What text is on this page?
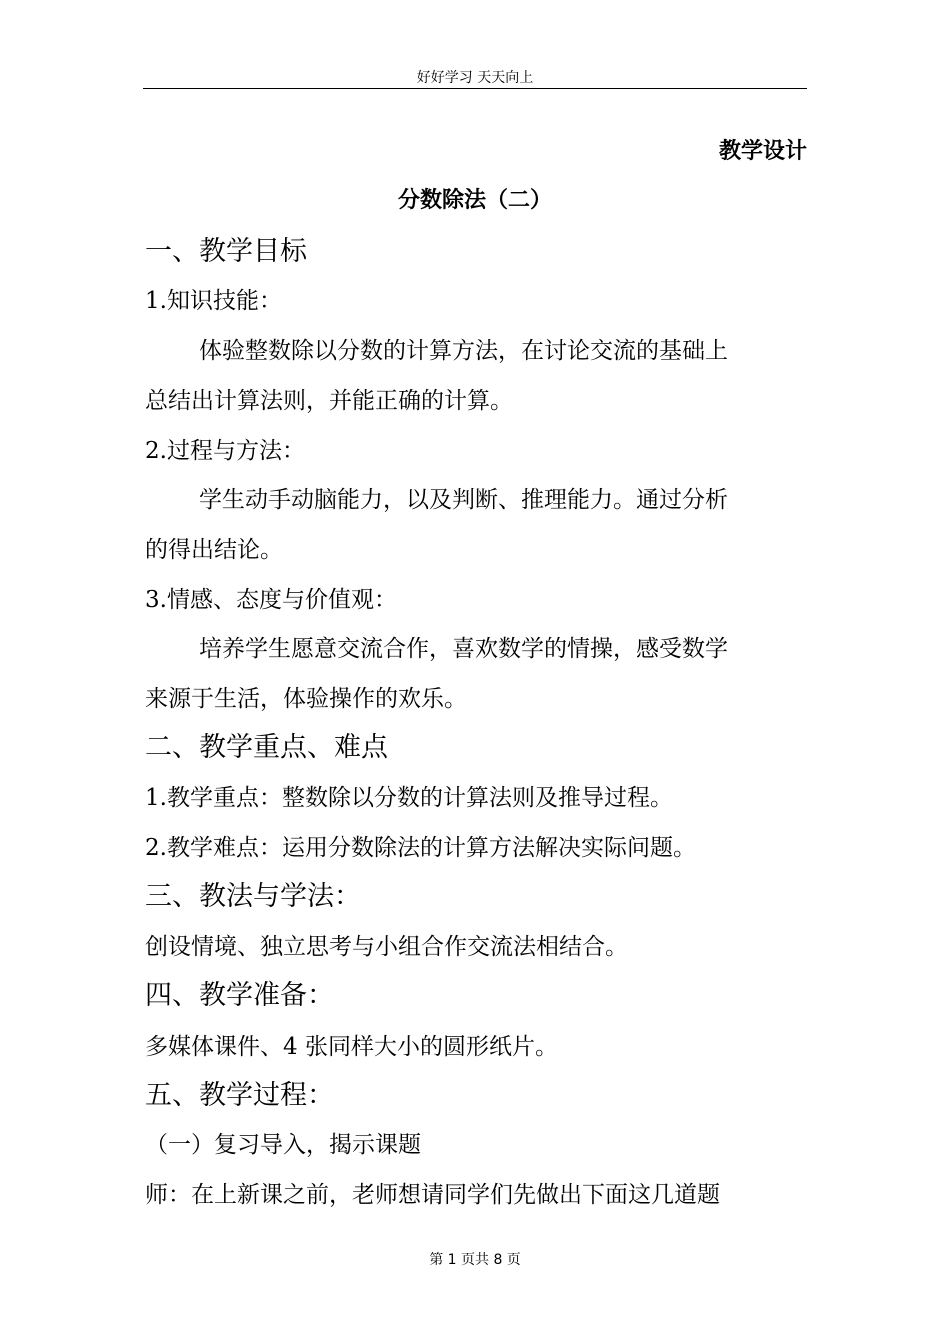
好好学习 天天向上
教学设计
分数除法（二）
一、教学目标
1.知识技能：
体验整数除以分数的计算方法，在讨论交流的基础上
总结出计算法则，并能正确的计算。
2.过程与方法：
学生动手动脑能力，以及判断、推理能力。通过分析
的得出结论。
3.情感、态度与价值观：
培养学生愿意交流合作，喜欢数学的情操，感受数学
来源于生活，体验操作的欢乐。
二、教学重点、难点
1.教学重点：整数除以分数的计算法则及推导过程。
2.教学难点：运用分数除法的计算方法解决实际问题。
三、教法与学法：
创设情境、独立思考与小组合作交流法相结合。
四、教学准备：
多媒体课件、4 张同样大小的圆形纸片。
五、教学过程：
（一）复习导入，揭示课题
师：在上新课之前，老师想请同学们先做出下面这几道题
第 1 页共 8 页
